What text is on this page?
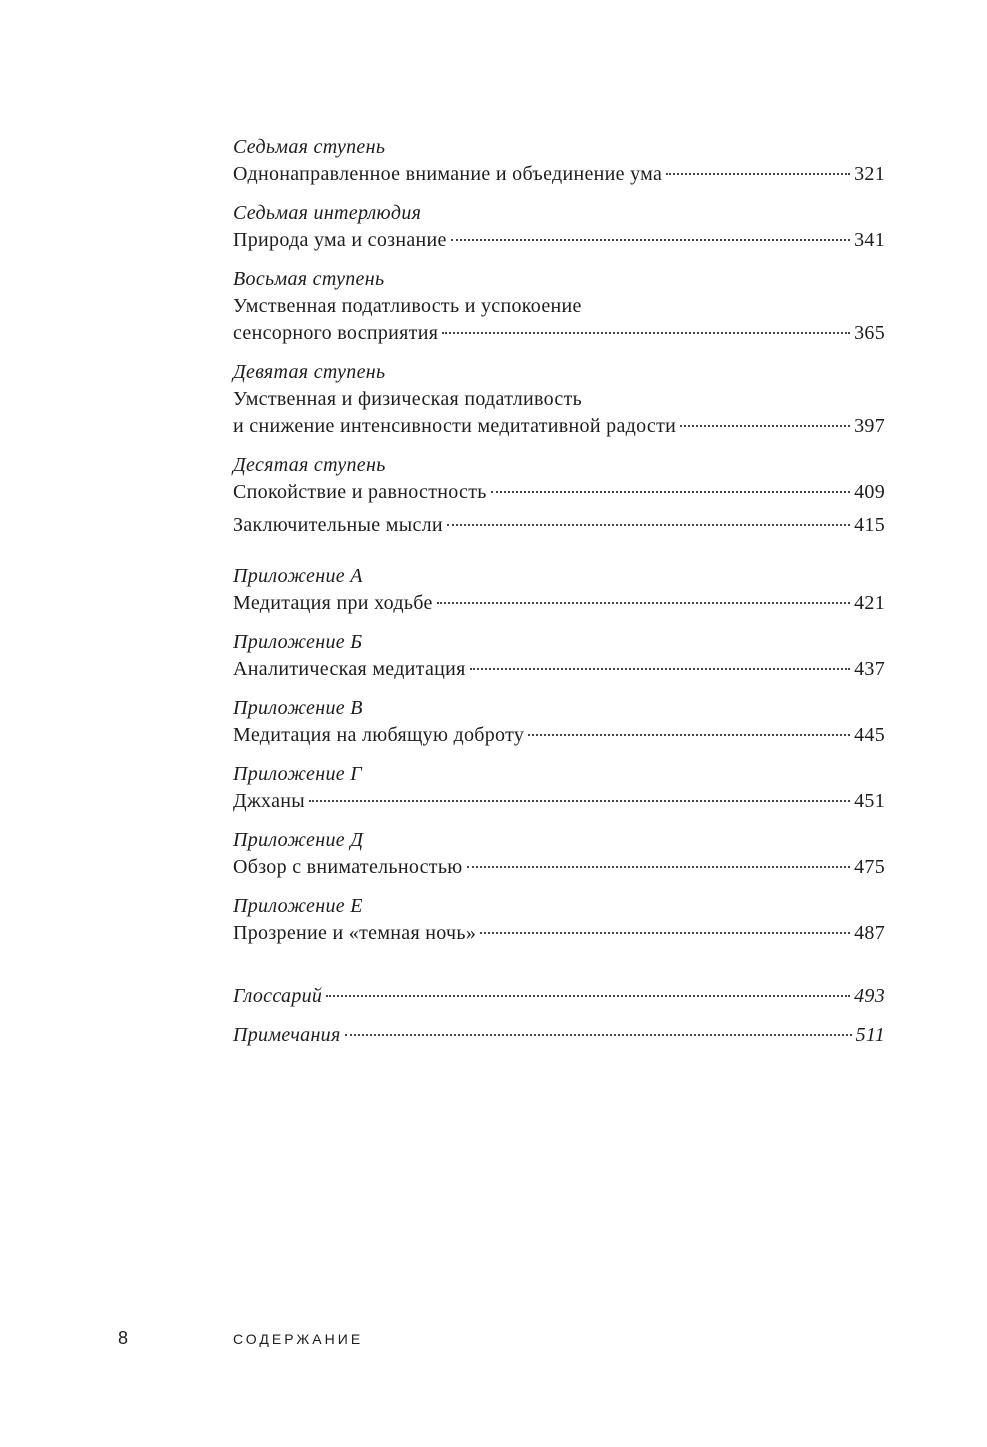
Седьмая ступень
Однонаправленное внимание и объединение ума	321
Седьмая интерлюдия
Природа ума и сознание	341
Восьмая ступень
Умственная податливость и успокоение
сенсорного восприятия	365
Девятая ступень
Умственная и физическая податливость
и снижение интенсивности медитативной радости	397
Десятая ступень
Спокойствие и равностность	409
Заключительные мысли	415
Приложение А
Медитация при ходьбе	421
Приложение Б
Аналитическая медитация	437
Приложение В
Медитация на любящую доброту	445
Приложение Г
Джханы	451
Приложение Д
Обзор с внимательностью	475
Приложение Е
Прозрение и «темная ночь»	487
Глоссарий	493
Примечания	511
8	СОДЕРЖАНИЕ
